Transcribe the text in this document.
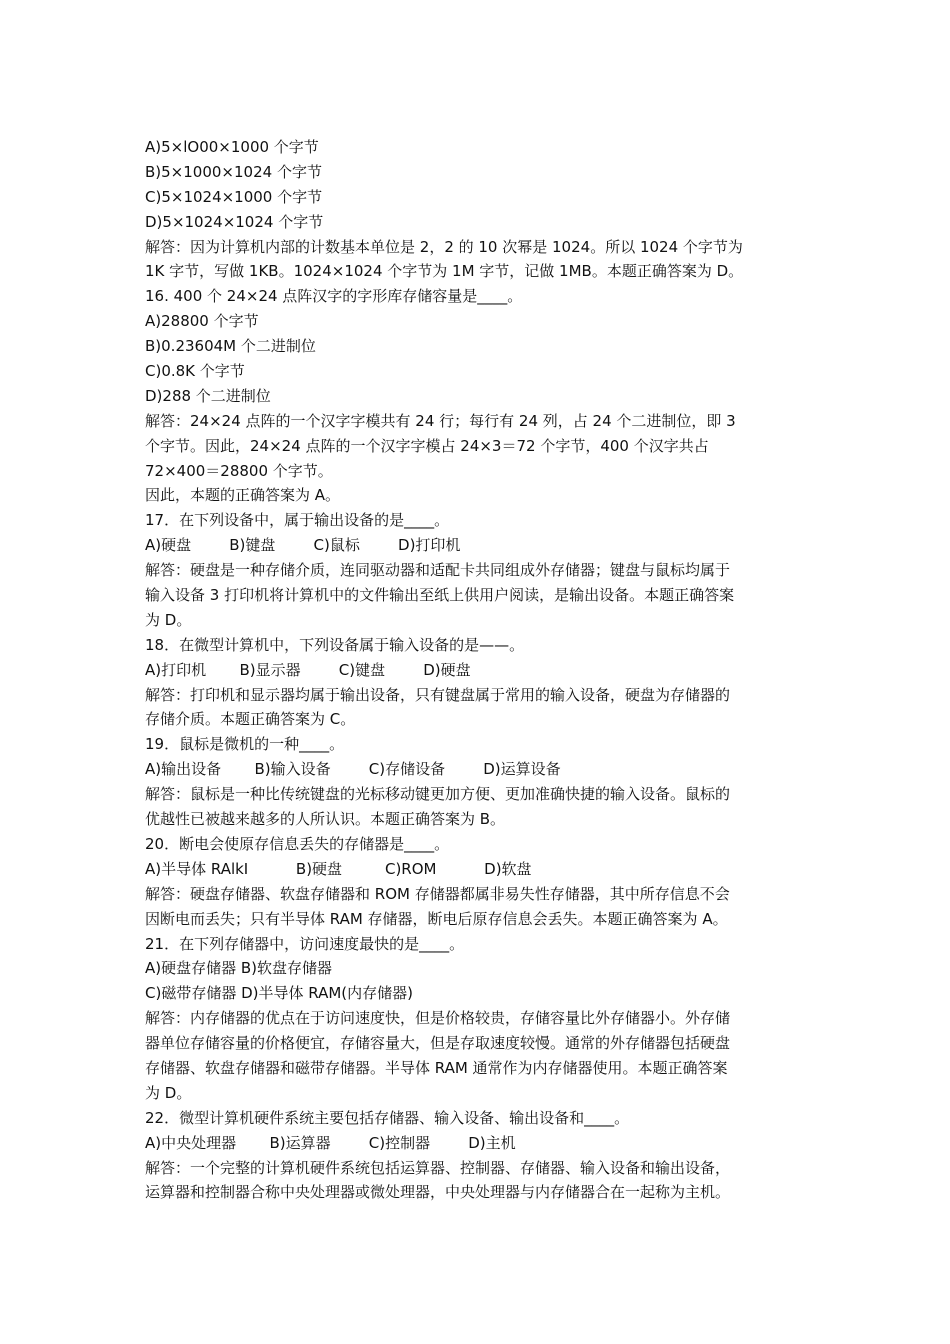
A)5×lO00×1000 个字节
B)5×1000×1024 个字节
C)5×1024×1000 个字节
D)5×1024×1024 个字节
解答：因为计算机内部的计数基本单位是 2，2 的 10 次幂是 1024。所以 1024 个字节为
1K 字节，写做 1KB。1024×1024 个字节为 1M 字节，记做 1MB。本题正确答案为 D。
16. 400 个 24×24 点阵汉字的字形库存储容量是____。
A)28800 个字节
B)0.23604M 个二进制位
C)0.8K 个字节
D)288 个二进制位
解答：24×24 点阵的一个汉字字模共有 24 行；每行有 24 列，占 24 个二进制位，即 3
个字节。因此，24×24 点阵的一个汉字字模占 24×3＝72 个字节，400 个汉字共占
72×400＝28800 个字节。
因此，本题的正确答案为 A。
17．在下列设备中，属于输出设备的是____。
A)硬盘        B)键盘        C)鼠标        D)打印机
解答：硬盘是一种存储介质，连同驱动器和适配卡共同组成外存储器；键盘与鼠标均属于
输入设备 3 打印机将计算机中的文件输出至纸上供用户阅读，是输出设备。本题正确答案
为 D。
18．在微型计算机中，下列设备属于输入设备的是——。
A)打印机       B)显示器        C)键盘        D)硬盘
解答：打印机和显示器均属于输出设备，只有键盘属于常用的输入设备，硬盘为存储器的
存储介质。本题正确答案为 C。
19．鼠标是微机的一种____。
A)输出设备       B)输入设备        C)存储设备        D)运算设备
解答：鼠标是一种比传统键盘的光标移动键更加方便、更加准确快捷的输入设备。鼠标的
优越性已被越来越多的人所认识。本题正确答案为 B。
20．断电会使原存信息丢失的存储器是____。
A)半导体 RAlkI          B)硬盘         C)ROM          D)软盘
解答：硬盘存储器、软盘存储器和 ROM 存储器都属非易失性存储器，其中所存信息不会
因断电而丢失；只有半导体 RAM 存储器，断电后原存信息会丢失。本题正确答案为 A。
21．在下列存储器中，访问速度最快的是____。
A)硬盘存储器 B)软盘存储器
C)磁带存储器 D)半导体 RAM(内存储器)
解答：内存储器的优点在于访问速度快，但是价格较贵，存储容量比外存储器小。外存储
器单位存储容量的价格便宜，存储容量大，但是存取速度较慢。通常的外存储器包括硬盘
存储器、软盘存储器和磁带存储器。半导体 RAM 通常作为内存储器使用。本题正确答案
为 D。
22．微型计算机硬件系统主要包括存储器、输入设备、输出设备和____。
A)中央处理器       B)运算器        C)控制器        D)主机
解答：一个完整的计算机硬件系统包括运算器、控制器、存储器、输入设备和输出设备，
运算器和控制器合称中央处理器或微处理器，中央处理器与内存储器合在一起称为主机。
